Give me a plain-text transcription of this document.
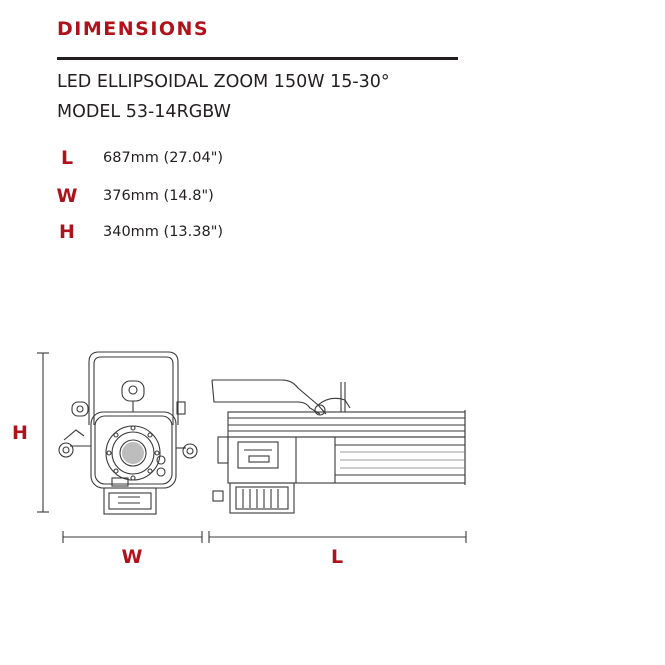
DIMENSIONS
LED ELLIPSOIDAL ZOOM 150W 15-30°
MODEL 53-14RGBW
L	687mm (27.04")
W 376mm (14.8")
H 340mm (13.38")
H
W	L
